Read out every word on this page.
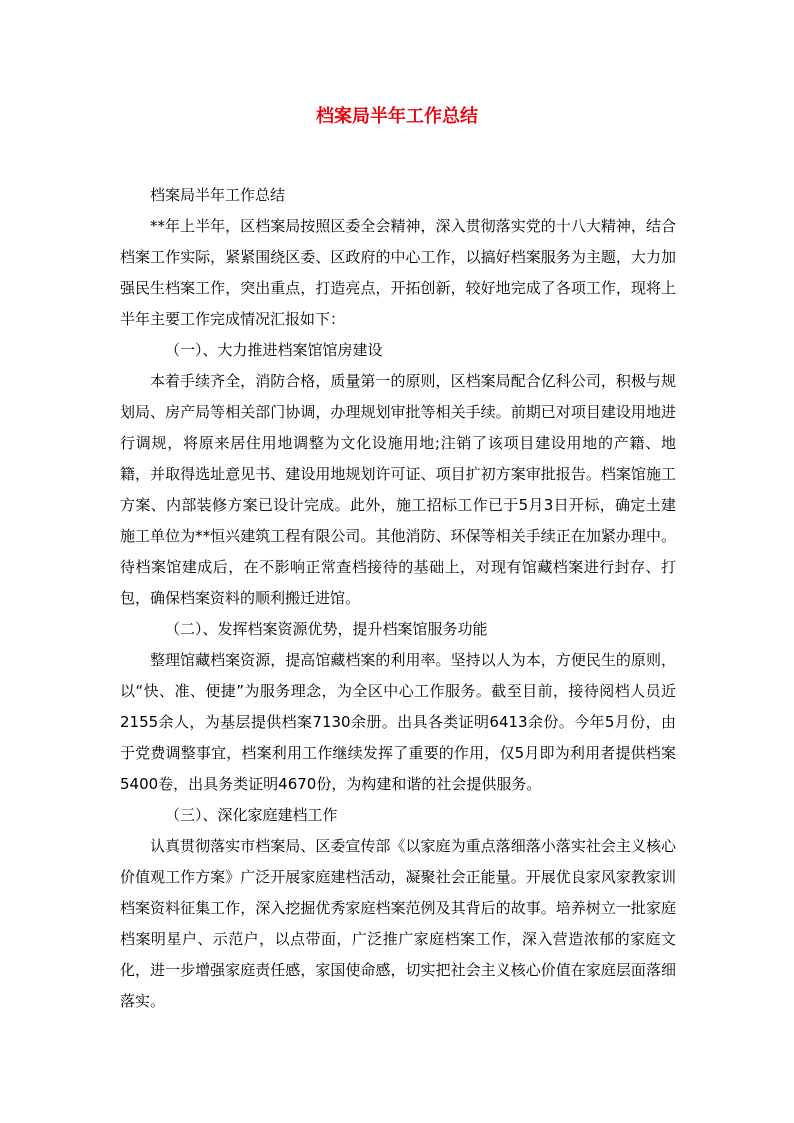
档案局半年工作总结

档案局半年工作总结

**年上半年，区档案局按照区委全会精神，深入贯彻落实党的十八大精神，结合档案工作实际，紧紧围绕区委、区政府的中心工作，以搞好档案服务为主题，大力加强民生档案工作，突出重点，打造亮点，开拓创新，较好地完成了各项工作，现将上半年主要工作完成情况汇报如下：

（一）、大力推进档案馆馆房建设

本着手续齐全，消防合格，质量第一的原则，区档案局配合亿科公司，积极与规划局、房产局等相关部门协调，办理规划审批等相关手续。前期已对项目建设用地进行调规，将原来居住用地调整为文化设施用地;注销了该项目建设用地的产籍、地籍，并取得选址意见书、建设用地规划许可证、项目扩初方案审批报告。档案馆施工方案、内部装修方案已设计完成。此外，施工招标工作已于5月3日开标，确定土建施工单位为**恒兴建筑工程有限公司。其他消防、环保等相关手续正在加紧办理中。待档案馆建成后，在不影响正常查档接待的基础上，对现有馆藏档案进行封存、打包，确保档案资料的顺利搬迁进馆。

（二）、发挥档案资源优势，提升档案馆服务功能

整理馆藏档案资源，提高馆藏档案的利用率。坚持以人为本，方便民生的原则，以“快、准、便捷”为服务理念，为全区中心工作服务。截至目前，接待阅档人员近2155余人，为基层提供档案7130余册。出具各类证明6413余份。今年5月份，由于党费调整事宜，档案利用工作继续发挥了重要的作用，仅5月即为利用者提供档案5400卷，出具务类证明4670份，为构建和谐的社会提供服务。

（三）、深化家庭建档工作

认真贯彻落实市档案局、区委宣传部《以家庭为重点落细落小落实社会主义核心价值观工作方案》广泛开展家庭建档活动，凝聚社会正能量。开展优良家风家教家训档案资料征集工作，深入挖掘优秀家庭档案范例及其背后的故事。培养树立一批家庭档案明星户、示范户，以点带面，广泛推广家庭档案工作，深入营造浓郁的家庭文化，进一步增强家庭责任感，家国使命感，切实把社会主义核心价值在家庭层面落细落实。
